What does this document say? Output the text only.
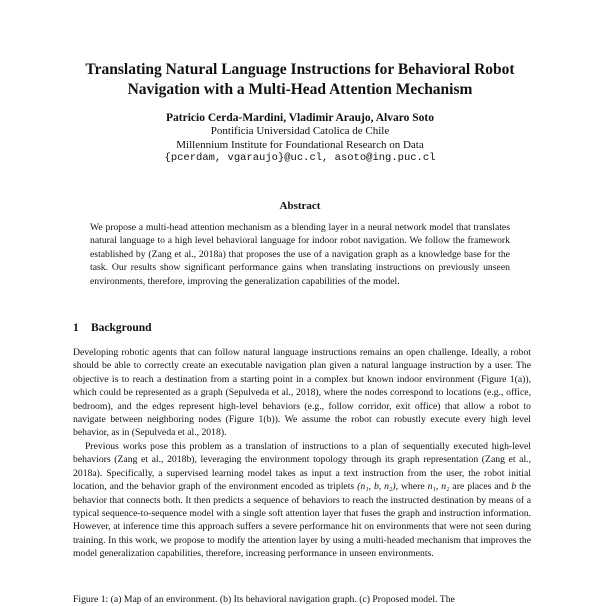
Translating Natural Language Instructions for Behavioral Robot
Navigation with a Multi-Head Attention Mechanism
Patricio Cerda-Mardini, Vladimir Araujo, Alvaro Soto
Pontificia Universidad Catolica de Chile
Millennium Institute for Foundational Research on Data
{pcerdam, vgaraujo}@uc.cl, asoto@ing.puc.cl
Abstract

We propose a multi-head attention mechanism as a blending layer in a neural network model that translates natural language to a high level behavioral language for indoor robot navigation. We follow the framework established by (Zang et al., 2018a) that proposes the use of a navigation graph as a knowledge base for the task. Our results show significant performance gains when translating instructions on previously unseen environments, therefore, improving the generalization capabilities of the model.

1 Background

Developing robotic agents that can follow natural language instructions remains an open challenge. Ideally, a robot should be able to correctly create an executable navigation plan given a natural language instruction by a user. The objective is to reach a destination from a starting point in a complex but known indoor environment (Figure 1(a)), which could be represented as a graph (Sepulveda et al., 2018), where the nodes correspond to locations (e.g., office, bedroom), and the edges represent high-level behaviors (e.g., follow corridor, exit office) that allow a robot to navigate between neighboring nodes (Figure 1(b)). We assume the robot can robustly execute every high level behavior, as in (Sepulveda et al., 2018).

Previous works pose this problem as a translation of instructions to a plan of sequentially executed high-level behaviors (Zang et al., 2018b), leveraging the environment topology through its graph representation (Zang et al., 2018a). Specifically, a supervised learning model takes as input a text instruction from the user, the robot initial location, and the behavior graph of the environment encoded as triplets (n₁, b, n₂), where n₁, n₂ are places and b the behavior that connects both. It then predicts a sequence of behaviors to reach the instructed destination by means of a typical sequence-to-sequence model with a single soft attention layer that fuses the graph and instruction information. However, at inference time this approach suffers a severe performance hit on environments that were not seen during training. In this work, we propose to modify the attention layer by using a multi-headed mechanism that improves the model generalization capabilities, therefore, increasing performance in unseen environments.

Figure 1: (a) Map of an environment. (b) Its behavioral navigation graph. (c) Proposed model. The
